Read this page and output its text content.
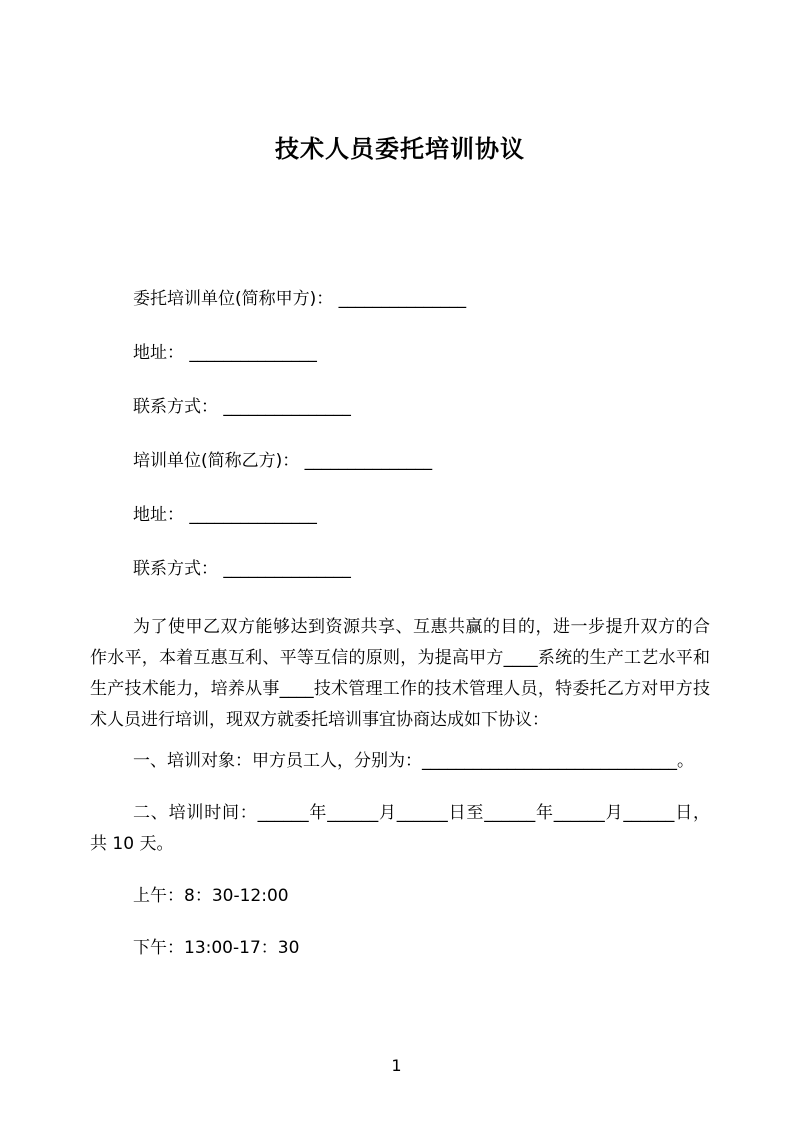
技术人员委托培训协议
委托培训单位(简称甲方)： _______________
地址： _______________
联系方式： _______________
培训单位(简称乙方)： _______________
地址： _______________
联系方式： _______________

为了使甲乙双方能够达到资源共享、互惠共赢的目的，进一步提升双方的合作水平，本着互惠互利、平等互信的原则，为提高甲方____系统的生产工艺水平和生产技术能力，培养从事____技术管理工作的技术管理人员，特委托乙方对甲方技术人员进行培训，现双方就委托培训事宜协商达成如下协议：

一、培训对象：甲方员工人，分别为：______________________________。

二、培训时间：______年______月______日至______年______月______日，共 10 天。

上午：8：30-12:00

下午：13:00-17：30

1
